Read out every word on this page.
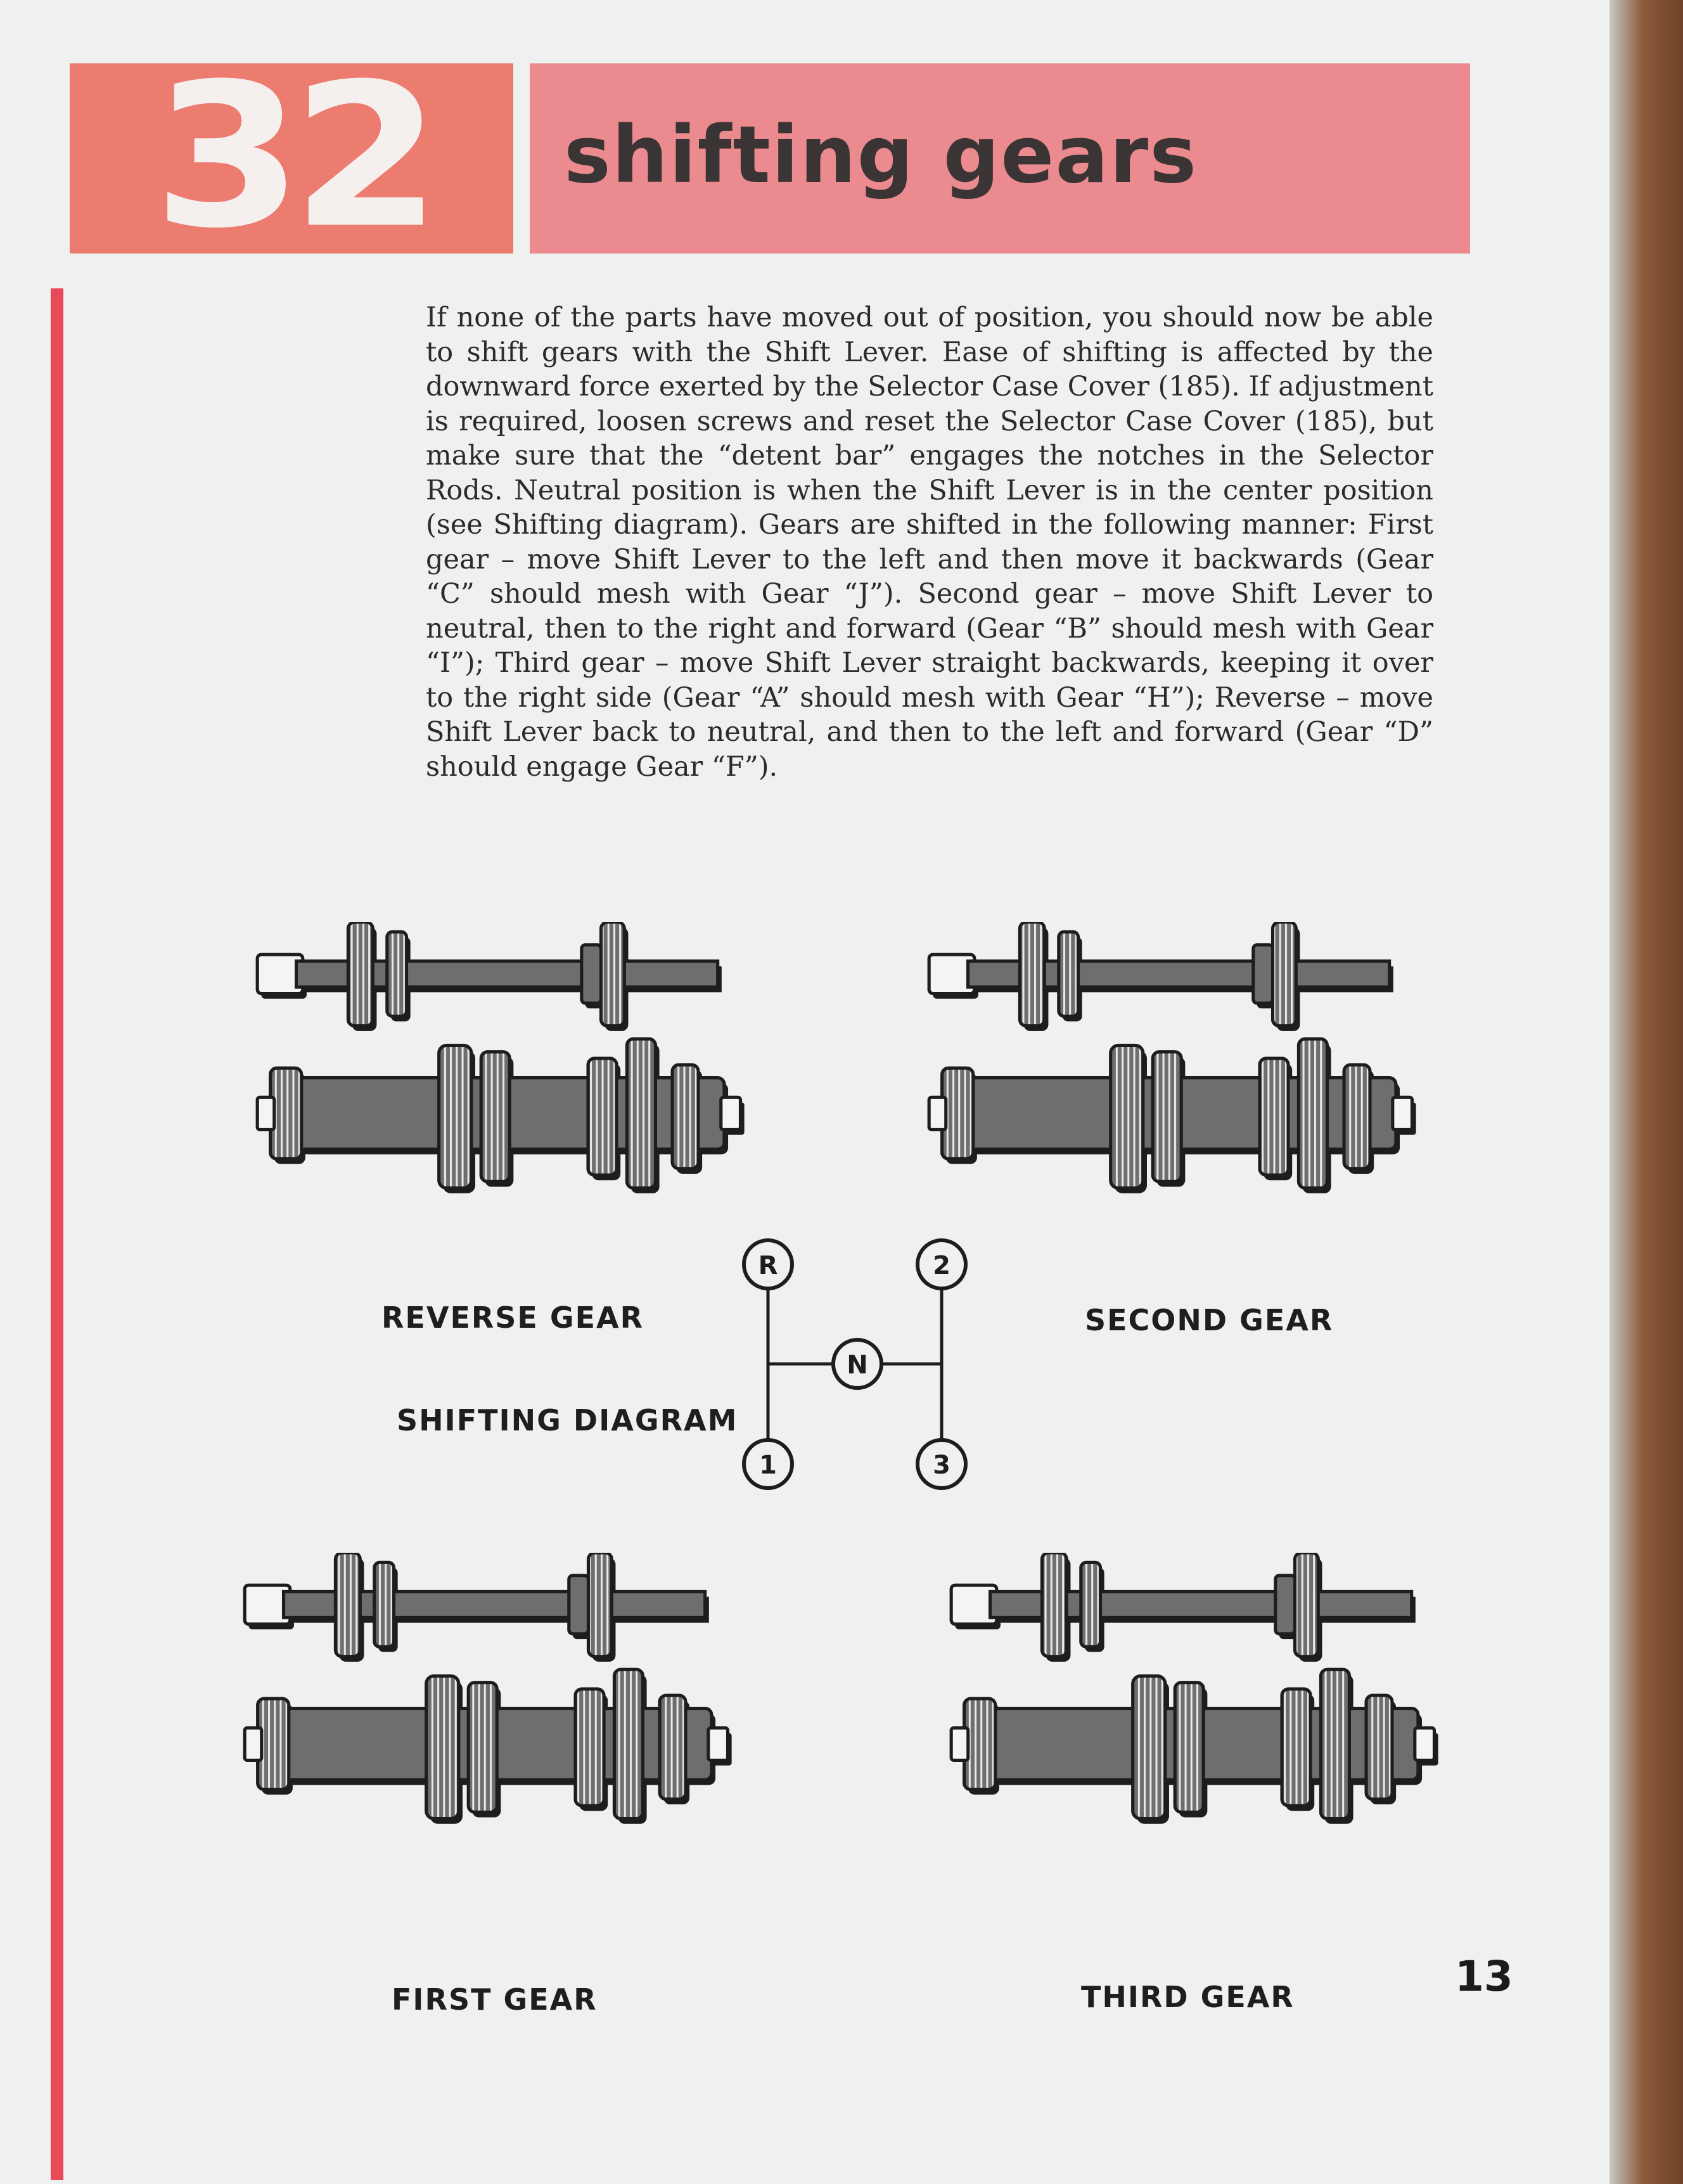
32	shifting gears

If none of the parts have moved out of position, you should now be able to shift gears with the Shift Lever. Ease of shifting is affected by the downward force exerted by the Selector Case Cover (185). If adjustment is required, loosen screws and reset the Selector Case Cover (185), but make sure that the “detent bar” engages the notches in the Selector Rods. Neutral position is when the Shift Lever is in the center position (see Shifting diagram). Gears are shifted in the following manner: First gear – move Shift Lever to the left and then move it backwards (Gear “C” should mesh with Gear “J”). Second gear – move Shift Lever to neutral, then to the right and forward (Gear “B” should mesh with Gear “I”); Third gear – move Shift Lever straight backwards, keeping it over to the right side (Gear “A” should mesh with Gear “H”); Reverse – move Shift Lever back to neutral, and then to the left and forward (Gear “D” should engage Gear “F”).

REVERSE GEAR	SECOND GEAR
SHIFTING DIAGRAM
FIRST GEAR	THIRD GEAR
R	2
N
1	3
13
